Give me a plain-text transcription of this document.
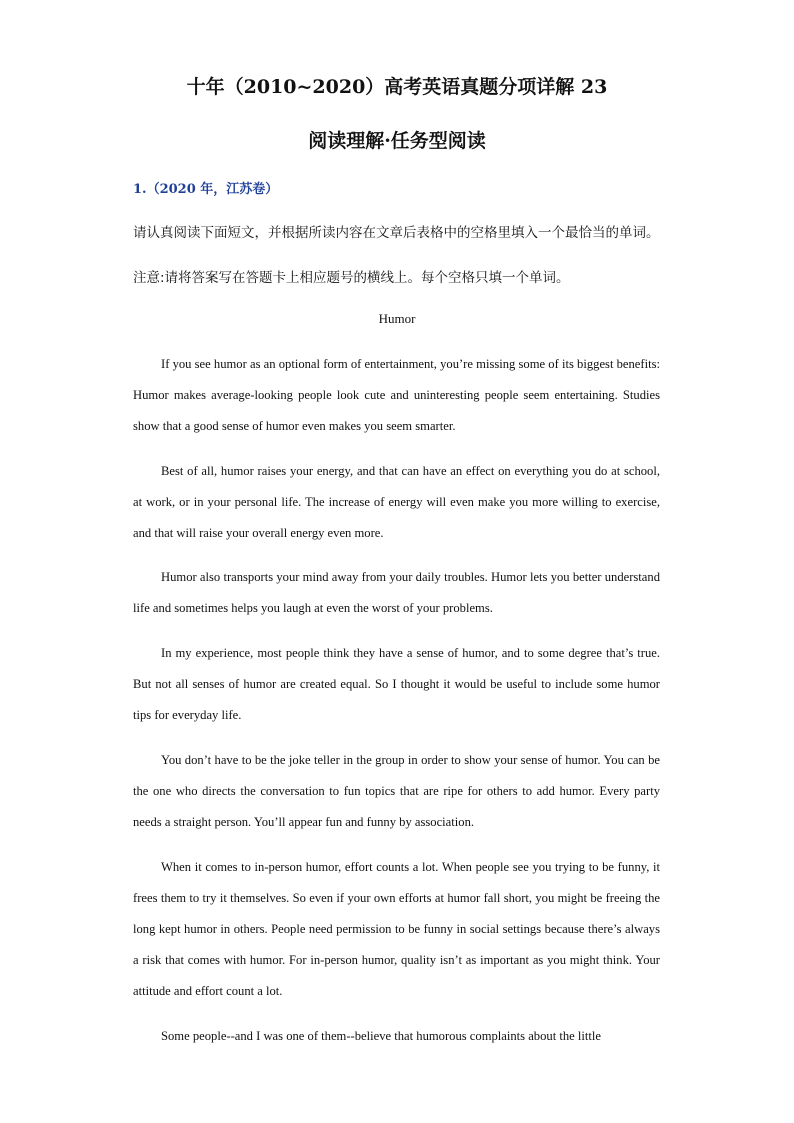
十年（2010~2020）高考英语真题分项详解 23
阅读理解·任务型阅读
1.（2020 年，江苏卷）
请认真阅读下面短文，并根据所读内容在文章后表格中的空格里填入一个最恰当的单词。
注意:请将答案写在答题卡上相应题号的横线上。每个空格只填一个单词。
Humor

If you see humor as an optional form of entertainment, you’re missing some of its biggest benefits: Humor makes average-looking people look cute and uninteresting people seem entertaining. Studies show that a good sense of humor even makes you seem smarter.

Best of all, humor raises your energy, and that can have an effect on everything you do at school, at work, or in your personal life. The increase of energy will even make you more willing to exercise, and that will raise your overall energy even more.

Humor also transports your mind away from your daily troubles. Humor lets you better understand life and sometimes helps you laugh at even the worst of your problems.

In my experience, most people think they have a sense of humor, and to some degree that’s true. But not all senses of humor are created equal. So I thought it would be useful to include some humor tips for everyday life.

You don’t have to be the joke teller in the group in order to show your sense of humor. You can be the one who directs the conversation to fun topics that are ripe for others to add humor. Every party needs a straight person. You’ll appear fun and funny by association.

When it comes to in-person humor, effort counts a lot. When people see you trying to be funny, it frees them to try it themselves. So even if your own efforts at humor fall short, you might be freeing the long kept humor in others. People need permission to be funny in social settings because there’s always a risk that comes with humor. For in-person humor, quality isn’t as important as you might think. Your attitude and effort count a lot.

Some people--and I was one of them--believe that humorous complaints about the little
